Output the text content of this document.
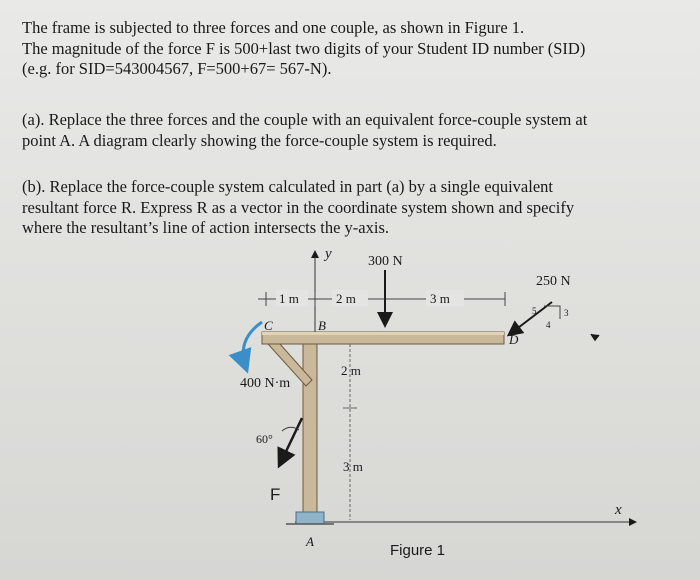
The frame is subjected to three forces and one couple, as shown in Figure 1.

The magnitude of the force F is 500+last two digits of your Student ID number (SID)

(e.g. for SID=543004567, F=500+67= 567-N).

(a). Replace the three forces and the couple with an equivalent force-couple system at

point A. A diagram clearly showing the force-couple system is required.

(b). Replace the force-couple system calculated in part (a) by a single equivalent

resultant force R. Express R as a vector in the coordinate system shown and specify

where the resultant’s line of action intersects the y-axis.

y
x
1 m	2 m	3 m
300 N
C	B
D
A
400 N·m
2 m
3 m
60°
F
250 N
5	3
4
Figure 1
